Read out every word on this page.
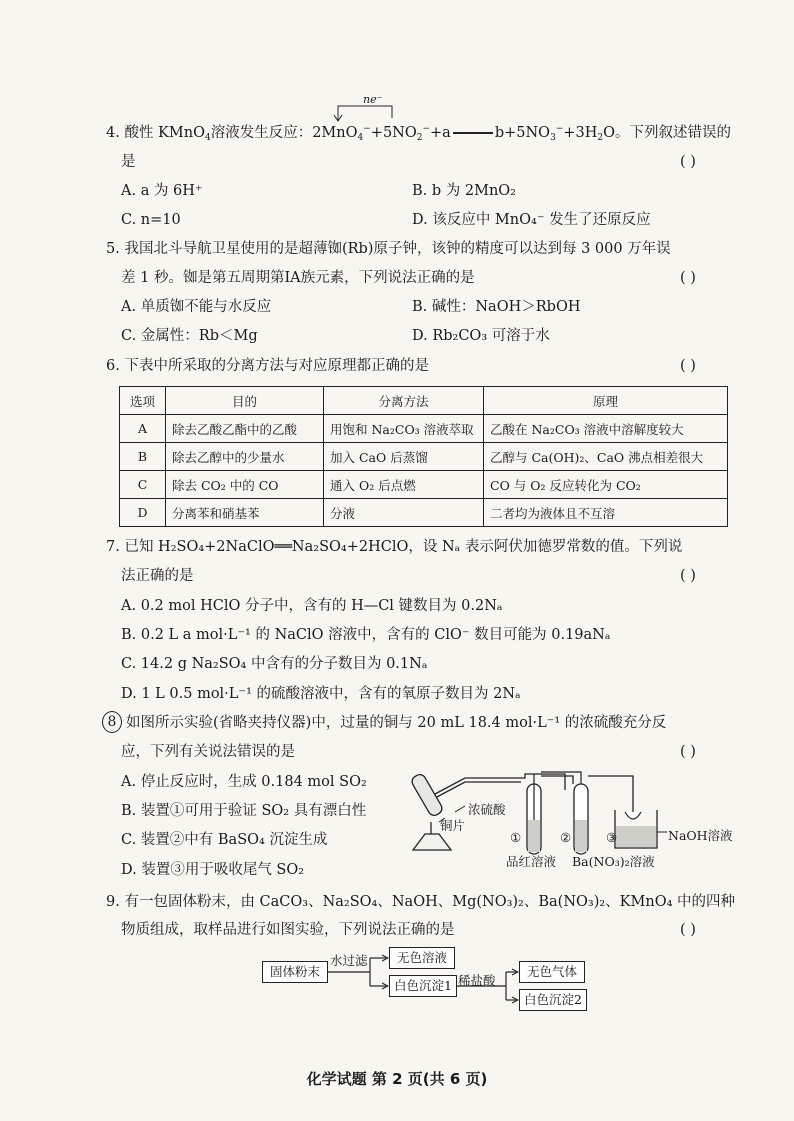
ne⁻
4. 酸性 KMnO$_4$溶液发生反应：$2MnO_4^-+5NO_2^-+a$	$b+5NO_3^-+3H_2O$。下列叙述错误的
是	( )
A. a 为 6H⁺	B. b 为 2MnO₂
C. n=10	D. 该反应中 MnO₄⁻ 发生了还原反应
5. 我国北斗导航卫星使用的是超薄铷(Rb)原子钟，该钟的精度可以达到每 3 000 万年误
差 1 秒。铷是第五周期第ⅠA族元素，下列说法正确的是	( )
A. 单质铷不能与水反应	B. 碱性：NaOH＞RbOH
C. 金属性：Rb＜Mg	D. Rb₂CO₃ 可溶于水
6. 下表中所采取的分离方法与对应原理都正确的是	( )
选项	目的	分离方法	原理
A	除去乙酸乙酯中的乙酸	用饱和 Na₂CO₃ 溶液萃取	乙酸在 Na₂CO₃ 溶液中溶解度较大
B	除去乙醇中的少量水	加入 CaO 后蒸馏	乙醇与 Ca(OH)₂、CaO 沸点相差很大
C	除去 CO₂ 中的 CO	通入 O₂ 后点燃	CO 与 O₂ 反应转化为 CO₂
D	分离苯和硝基苯	分液	二者均为液体且不互溶
7. 已知 H₂SO₄+2NaClO══Na₂SO₄+2HClO，设 Nₐ 表示阿伏加德罗常数的值。下列说
法正确的是	( )
A. 0.2 mol HClO 分子中，含有的 H—Cl 键数目为 0.2Nₐ
B. 0.2 L a mol·L⁻¹ 的 NaClO 溶液中，含有的 ClO⁻ 数目可能为 0.19aNₐ
C. 14.2 g Na₂SO₄ 中含有的分子数目为 0.1Nₐ
D. 1 L 0.5 mol·L⁻¹ 的硫酸溶液中，含有的氧原子数目为 2Nₐ
8 如图所示实验(省略夹持仪器)中，过量的铜与 20 mL 18.4 mol·L⁻¹ 的浓硫酸充分反
应，下列有关说法错误的是	( )
A. 停止反应时，生成 0.184 mol SO₂
B. 装置①可用于验证 SO₂ 具有漂白性
C. 装置②中有 BaSO₄ 沉淀生成
D. 装置③用于吸收尾气 SO₂
浓硫酸
铜片
①	②	③	NaOH溶液
品红溶液 Ba(NO₃)₂溶液
9. 有一包固体粉末，由 CaCO₃、Na₂SO₄、NaOH、Mg(NO₃)₂、Ba(NO₃)₂、KMnO₄ 中的四种
物质组成，取样品进行如图实验，下列说法正确的是	( )
固体粉末
水过滤	无色溶液
白色沉淀1 稀盐酸
无色气体
白色沉淀2
化学试题 第 2 页(共 6 页)
